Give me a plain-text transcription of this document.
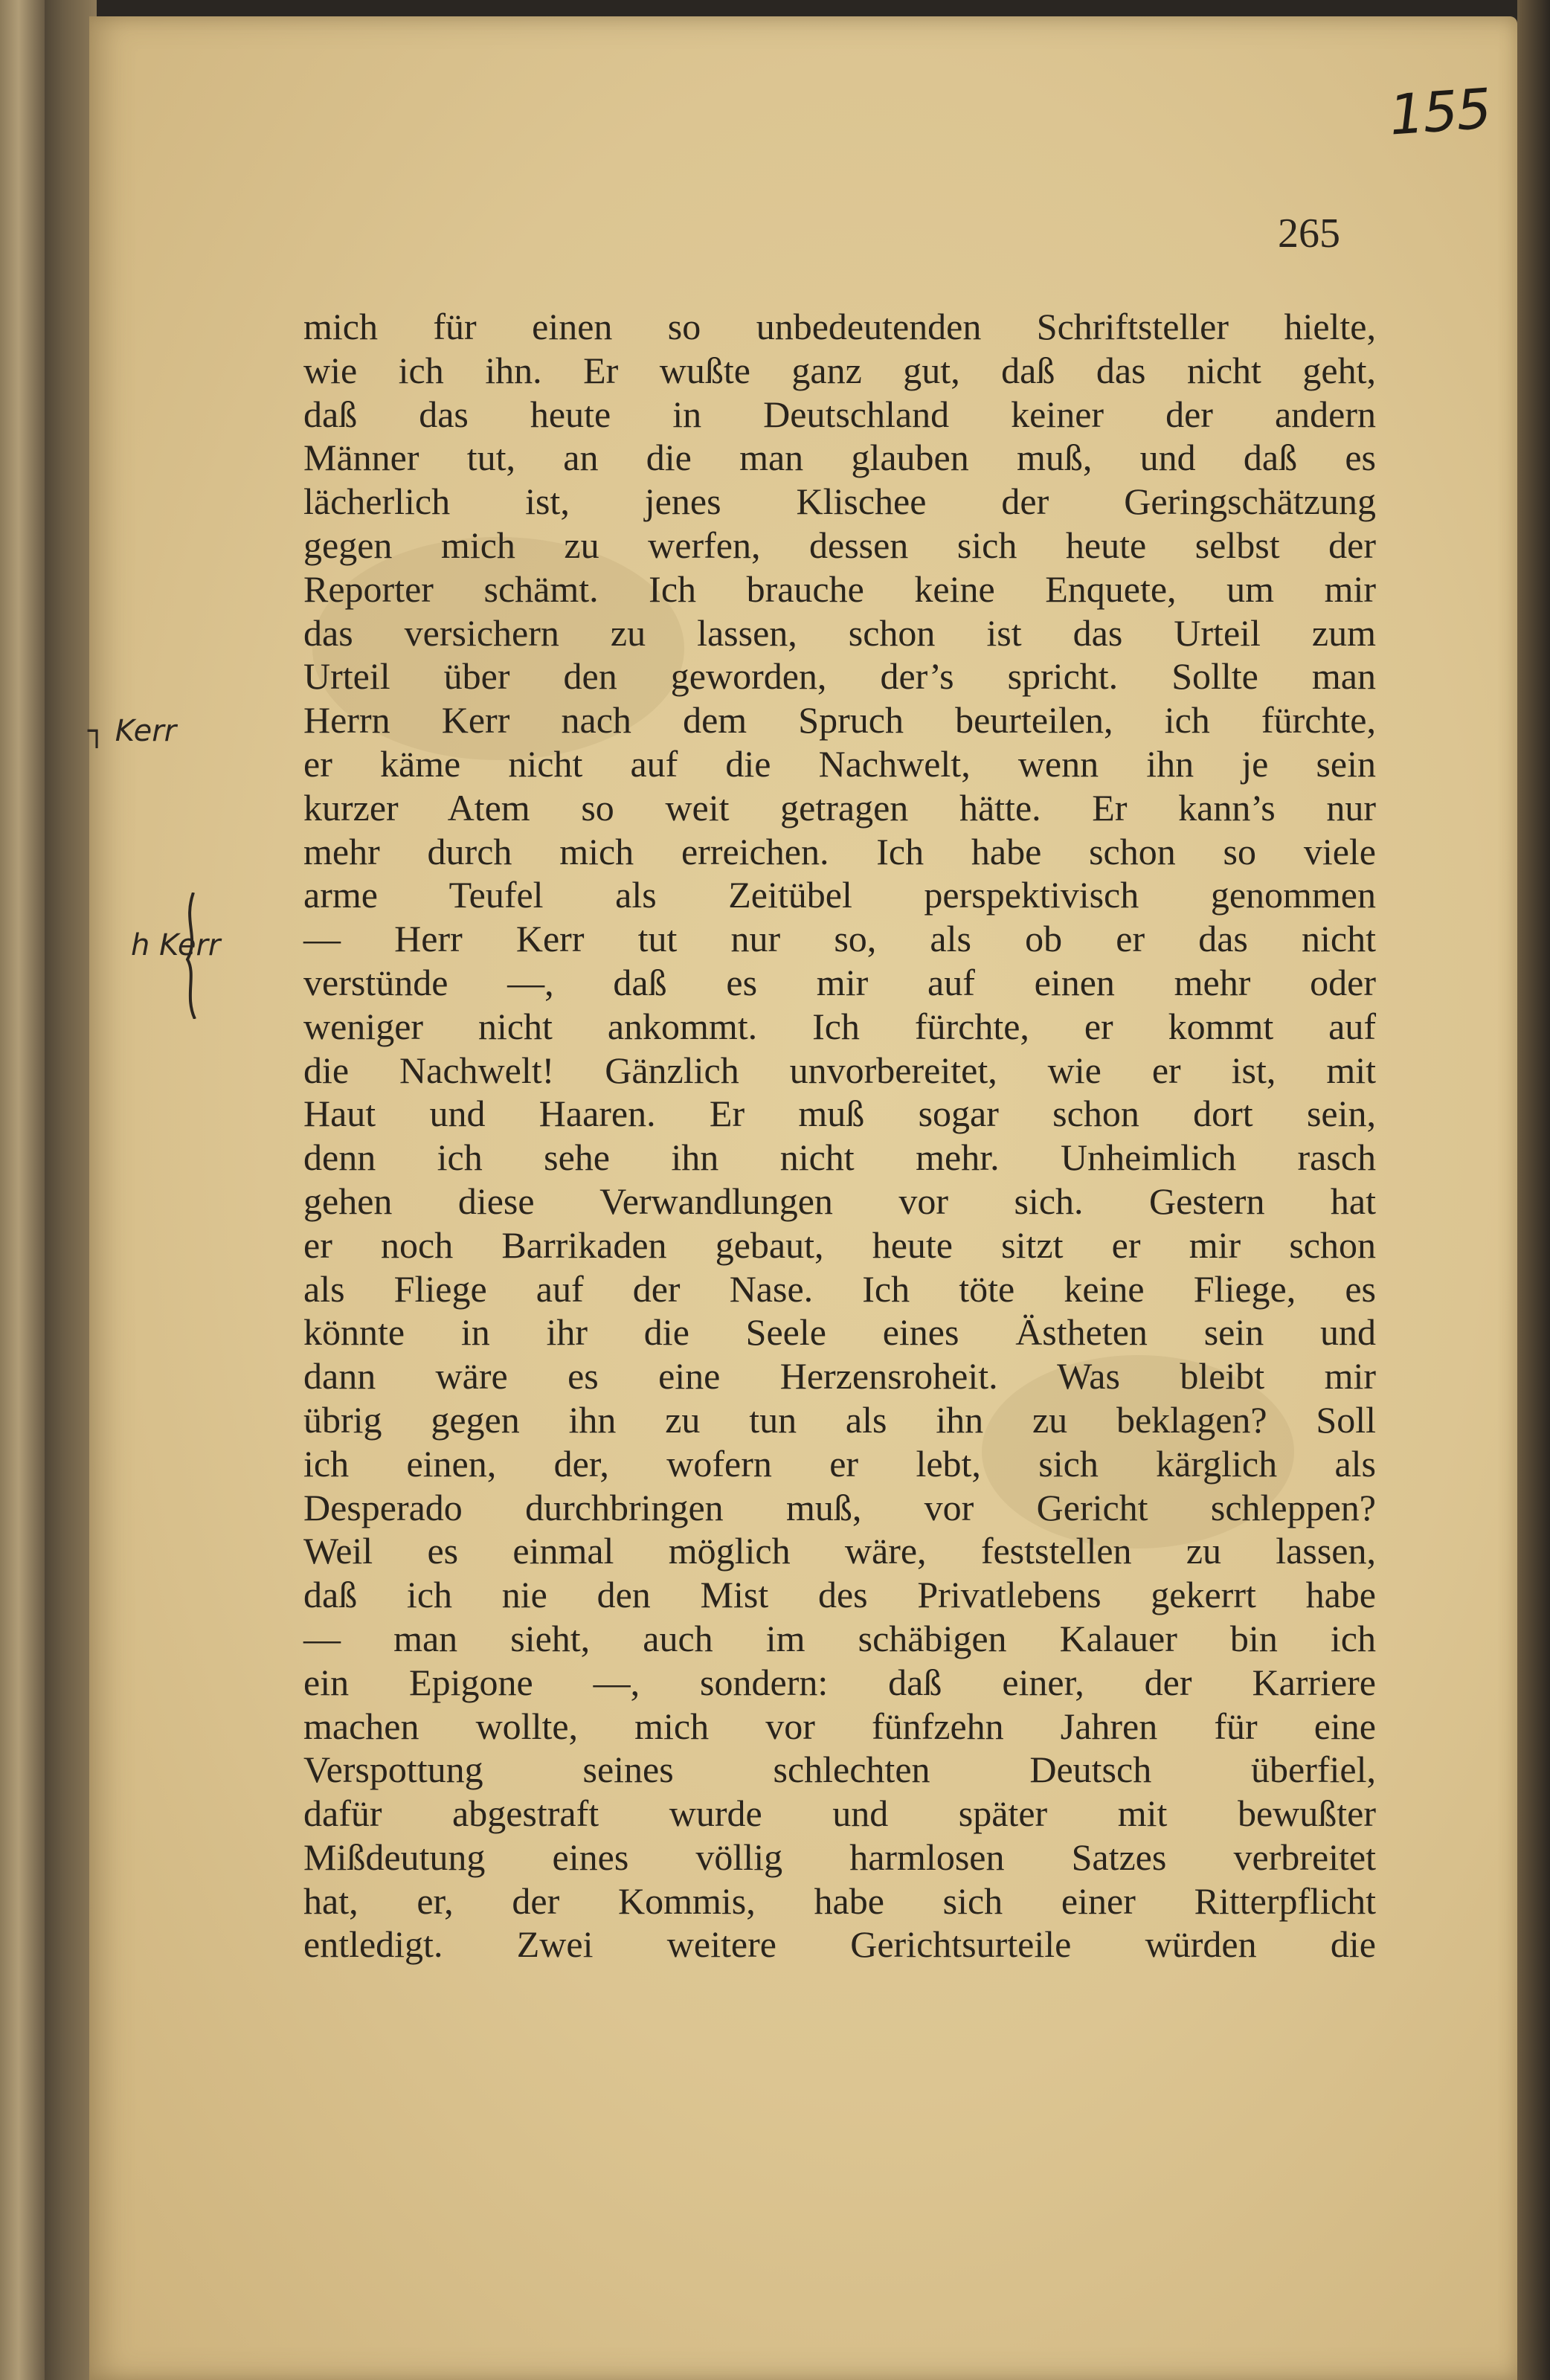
155
265
┐ Kerr
h Kerr
mich für einen so unbedeutenden Schriftsteller hielte,
wie ich ihn. Er wußte ganz gut, daß das nicht geht,
daß das heute in Deutschland keiner der andern
Männer tut, an die man glauben muß, und daß es
lächerlich ist, jenes Klischee der Geringschätzung
gegen mich zu werfen, dessen sich heute selbst der
Reporter schämt. Ich brauche keine Enquete, um mir
das versichern zu lassen, schon ist das Urteil zum
Urteil über den geworden, der’s spricht. Sollte man
Herrn Kerr nach dem Spruch beurteilen, ich fürchte,
er käme nicht auf die Nachwelt, wenn ihn je sein
kurzer Atem so weit getragen hätte. Er kann’s nur
mehr durch mich erreichen. Ich habe schon so viele
arme Teufel als Zeitübel perspektivisch genommen
— Herr Kerr tut nur so, als ob er das nicht
verstünde —, daß es mir auf einen mehr oder
weniger nicht ankommt. Ich fürchte, er kommt auf
die Nachwelt! Gänzlich unvorbereitet, wie er ist, mit
Haut und Haaren. Er muß sogar schon dort sein,
denn ich sehe ihn nicht mehr. Unheimlich rasch
gehen diese Verwandlungen vor sich. Gestern hat
er noch Barrikaden gebaut, heute sitzt er mir schon
als Fliege auf der Nase. Ich töte keine Fliege, es
könnte in ihr die Seele eines Ästheten sein und
dann wäre es eine Herzensroheit. Was bleibt mir
übrig gegen ihn zu tun als ihn zu beklagen? Soll
ich einen, der, wofern er lebt, sich kärglich als
Desperado durchbringen muß, vor Gericht schleppen?
Weil es einmal möglich wäre, feststellen zu lassen,
daß ich nie den Mist des Privatlebens gekerrt habe
— man sieht, auch im schäbigen Kalauer bin ich
ein Epigone —, sondern: daß einer, der Karriere
machen wollte, mich vor fünfzehn Jahren für eine
Verspottung seines schlechten Deutsch überfiel,
dafür abgestraft wurde und später mit bewußter
Mißdeutung eines völlig harmlosen Satzes verbreitet
hat, er, der Kommis, habe sich einer Ritterpflicht
entledigt. Zwei weitere Gerichtsurteile würden die
